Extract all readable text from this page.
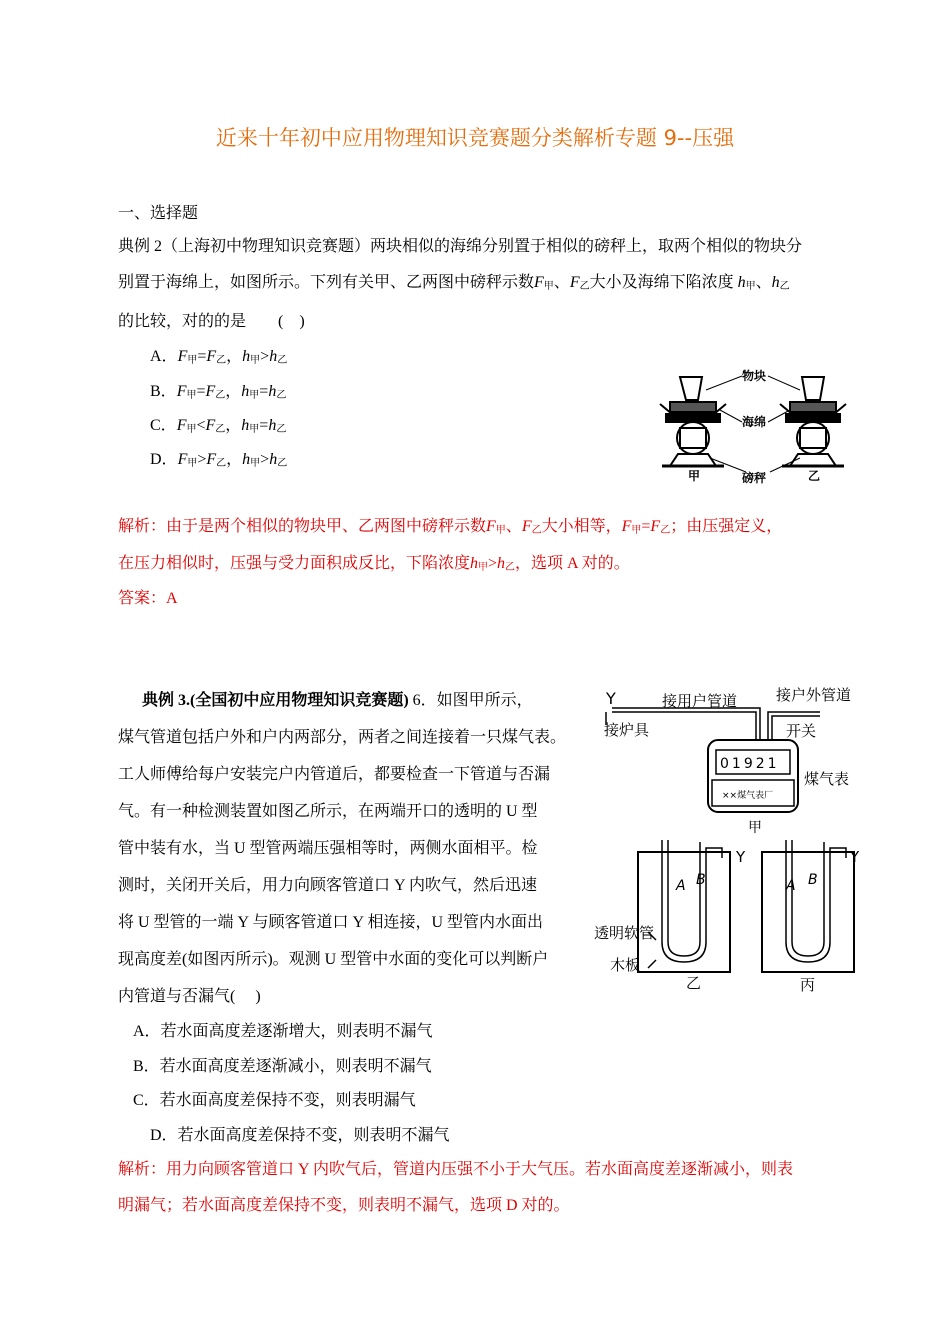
近来十年初中应用物理知识竞赛题分类解析专题 9--压强
一、选择题
典例 2（上海初中物理知识竞赛题）两块相似的海绵分别置于相似的磅秤上，取两个相似的物块分
别置于海绵上，如图所示。下列有关甲、乙两图中磅秤示数$F_甲$、$F_乙$大小及海绵下陷浓度 $h_甲$、$h_乙$
的比较，对的的是　　(　)
A．$F_甲=F_乙$，$h_甲>h_乙$
B．$F_甲=F_乙$，$h_甲=h_乙$
C．$F_甲<F_乙$，$h_甲=h_乙$
D．$F_甲>F_乙$，$h_甲>h_乙$
物块
海绵
磅秤
甲	乙
解析：由于是两个相似的物块甲、乙两图中磅秤示数$F_甲$、$F_乙$大小相等，$F_甲=F_乙$；由压强定义，
在压力相似时，压强与受力面积成反比，下陷浓度$h_甲>h_乙$，选项 A 对的。
答案：A
典例 3.(全国初中应用物理知识竞赛题) 6．如图甲所示，
煤气管道包括户外和户内两部分，两者之间连接着一只煤气表。
工人师傅给每户安装完户内管道后，都要检查一下管道与否漏
气。有一种检测装置如图乙所示，在两端开口的透明的 U 型
管中装有水，当 U 型管两端压强相等时，两侧水面相平。检
测时，关闭开关后，用力向顾客管道口 Y 内吹气，然后迅速
将 U 型管的一端 Y 与顾客管道口 Y 相连接，U 型管内水面出
现高度差(如图丙所示)。观测 U 型管中水面的变化可以判断户
内管道与否漏气(　 )
A．若水面高度差逐渐增大，则表明不漏气
B．若水面高度差逐渐减小，则表明不漏气
C．若水面高度差保持不变，则表明漏气
D．若水面高度差保持不变，则表明不漏气
解析：用力向顾客管道口 Y 内吹气后，管道内压强不小于大气压。若水面高度差逐渐减小，则表
明漏气；若水面高度差保持不变，则表明不漏气，选项 D 对的。
Y	接用户管道	接户外管道
接炉具	开关
01921
煤气表
××煤气表厂
甲
Y
A B
Y
A B
透明软管
木板
乙	丙
